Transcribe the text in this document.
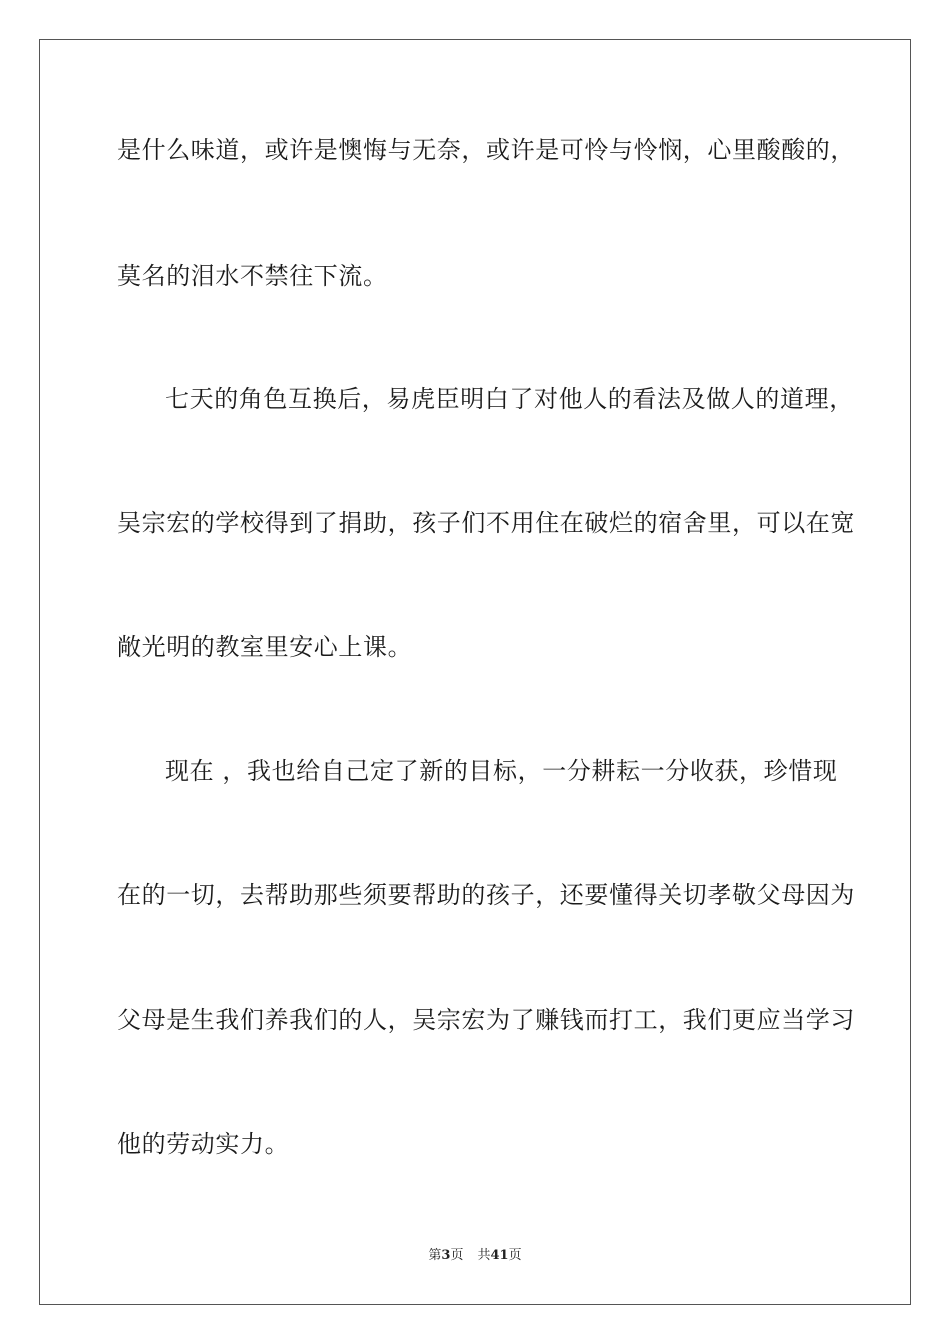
是什么味道，或许是懊悔与无奈，或许是可怜与怜悯，心里酸酸的，
莫名的泪水不禁往下流。
七天的角色互换后，易虎臣明白了对他人的看法及做人的道理，
吴宗宏的学校得到了捐助，孩子们不用住在破烂的宿舍里，可以在宽
敞光明的教室里安心上课。
现在 ，我也给自己定了新的目标，一分耕耘一分收获，珍惜现
在的一切，去帮助那些须要帮助的孩子，还要懂得关切孝敬父母因为
父母是生我们养我们的人，吴宗宏为了赚钱而打工，我们更应当学习
他的劳动实力。
第3页 共41页
